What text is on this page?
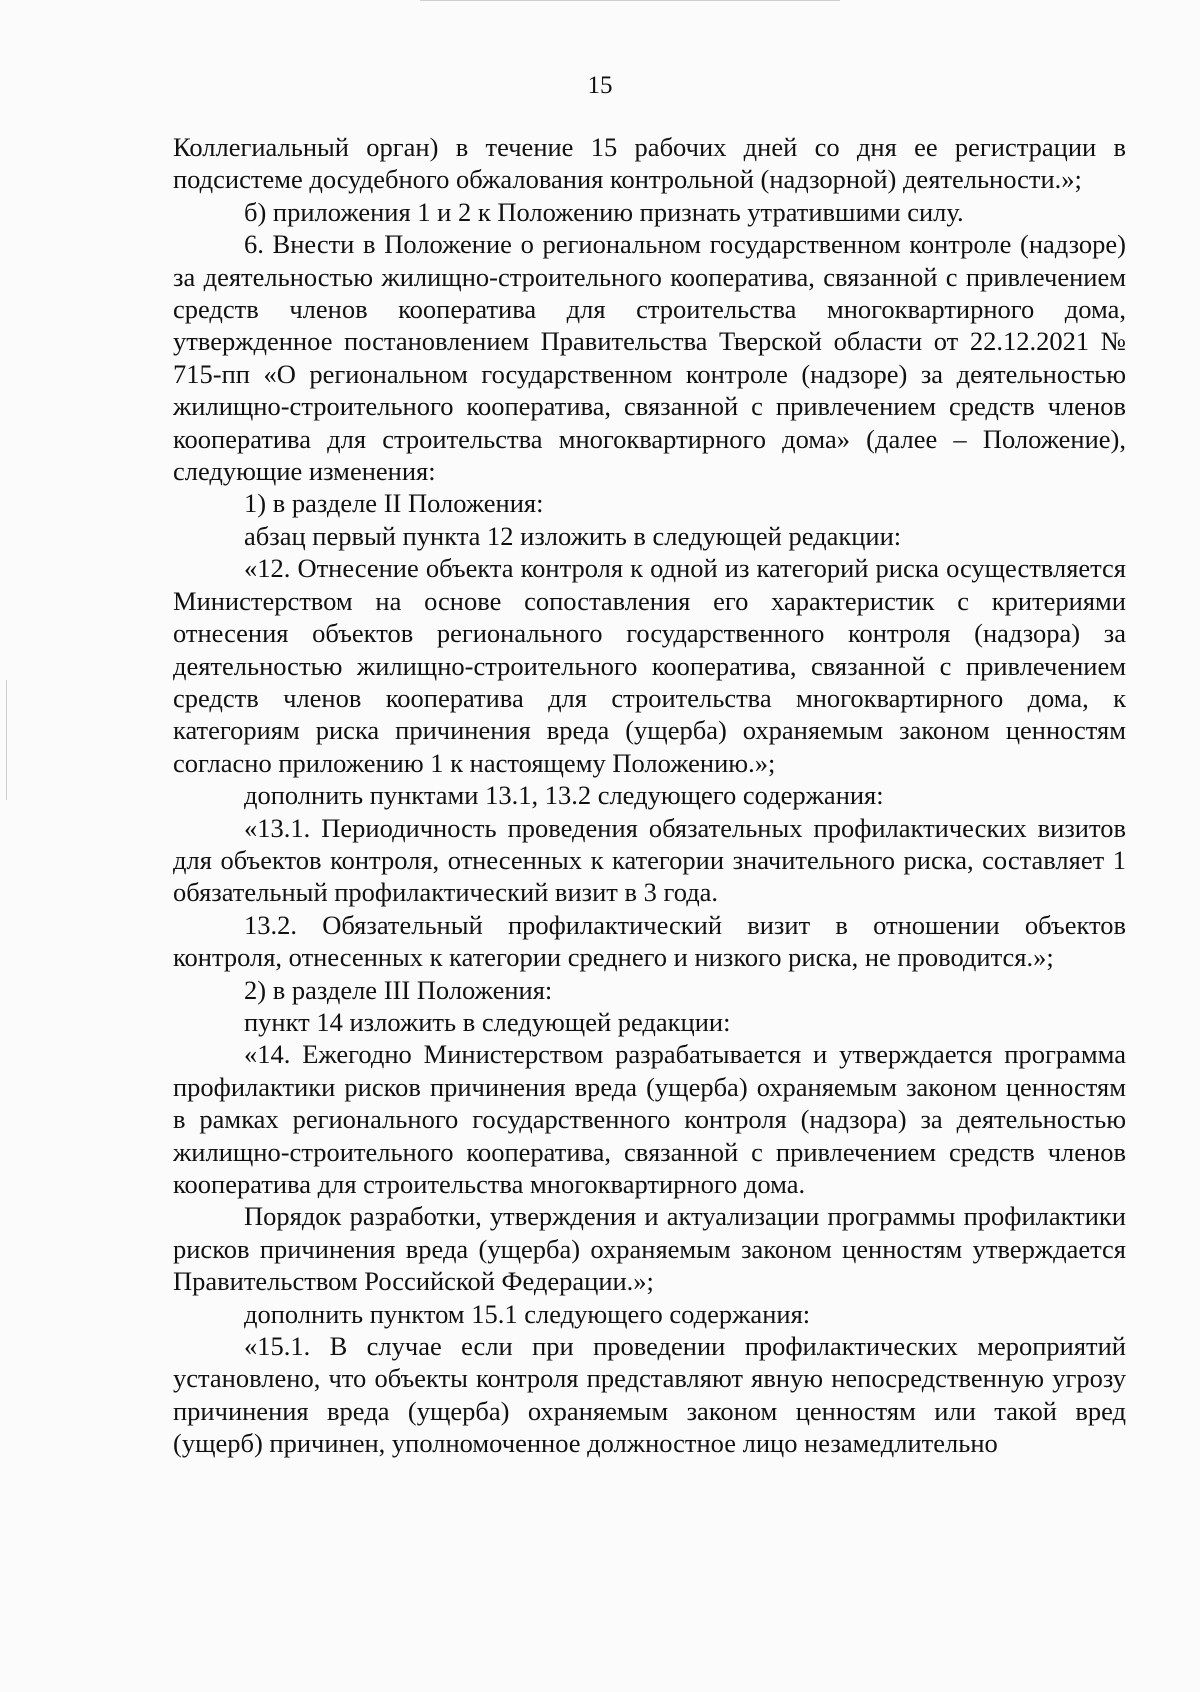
15

Коллегиальный орган) в течение 15 рабочих дней со дня ее регистрации в подсистеме досудебного обжалования контрольной (надзорной) деятельности.»;

б) приложения 1 и 2 к Положению признать утратившими силу.

6. Внести в Положение о региональном государственном контроле (надзоре) за деятельностью жилищно-строительного кооператива, связанной с привлечением средств членов кооператива для строительства многоквартирного дома, утвержденное постановлением Правительства Тверской области от 22.12.2021 № 715-пп «О региональном государственном контроле (надзоре) за деятельностью жилищно-строительного кооператива, связанной с привлечением средств членов кооператива для строительства многоквартирного дома» (далее – Положение), следующие изменения:

1) в разделе II Положения:

абзац первый пункта 12 изложить в следующей редакции:

«12. Отнесение объекта контроля к одной из категорий риска осуществляется Министерством на основе сопоставления его характеристик с критериями отнесения объектов регионального государственного контроля (надзора) за деятельностью жилищно-строительного кооператива, связанной с привлечением средств членов кооператива для строительства многоквартирного дома, к категориям риска причинения вреда (ущерба) охраняемым законом ценностям согласно приложению 1 к настоящему Положению.»;

дополнить пунктами 13.1, 13.2 следующего содержания:

«13.1. Периодичность проведения обязательных профилактических визитов для объектов контроля, отнесенных к категории значительного риска, составляет 1 обязательный профилактический визит в 3 года.

13.2. Обязательный профилактический визит в отношении объектов контроля, отнесенных к категории среднего и низкого риска, не проводится.»;

2) в разделе III Положения:

пункт 14 изложить в следующей редакции:

«14. Ежегодно Министерством разрабатывается и утверждается программа профилактики рисков причинения вреда (ущерба) охраняемым законом ценностям в рамках регионального государственного контроля (надзора) за деятельностью жилищно-строительного кооператива, связанной с привлечением средств членов кооператива для строительства многоквартирного дома.

Порядок разработки, утверждения и актуализации программы профилактики рисков причинения вреда (ущерба) охраняемым законом ценностям утверждается Правительством Российской Федерации.»;

дополнить пунктом 15.1 следующего содержания:

«15.1. В случае если при проведении профилактических мероприятий установлено, что объекты контроля представляют явную непосредственную угрозу причинения вреда (ущерба) охраняемым законом ценностям или такой вред (ущерб) причинен, уполномоченное должностное лицо незамедлительно
